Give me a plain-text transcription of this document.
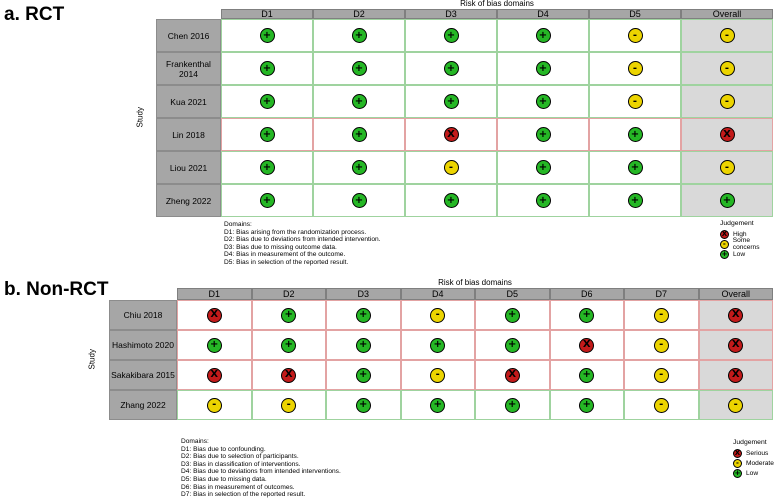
a. RCT
Risk of bias domains
D1	D2	D3	D4	D5	Overall
Study
Chen 2016	+	+	+	+	-	-
Frankenthal 2014	+	+	+	+	-	-
Kua 2021	+	+	+	+	-	-
Lin 2018	+	+	X	+	+	X
Liou 2021	+	+	-	+	+	-
Zheng 2022	+	+	+	+	+	+
Domains:
D1: Bias arising from the randomization process.
D2: Bias due to deviations from intended intervention.
D3: Bias due to missing outcome data.
D4: Bias in measurement of the outcome.
D5: Bias in selection of the reported result.
Judgement
X High
-	Some concerns
+ Low
b. Non-RCT	Risk of bias domains
D1	D2	D3	D4	D5	D6	D7	Overall
Study
Chiu 2018	X	+	+	-	+	+	-	X
Hashimoto 2020	+	+	+	+	+	X	-	X
Sakakibara 2015	X	X	+	-	X	+	-	X
Zhang 2022	-	-	+	+	+	+	-	-
Domains:
D1: Bias due to confounding.
D2: Bias due to selection of participants.
D3: Bias in classification of interventions.
D4: Bias due to deviations from intended interventions.
D5: Bias due to missing data.
D6: Bias in measurement of outcomes.
D7: Bias in selection of the reported result.
Judgement
X Serious
-	Moderate
+ Low
